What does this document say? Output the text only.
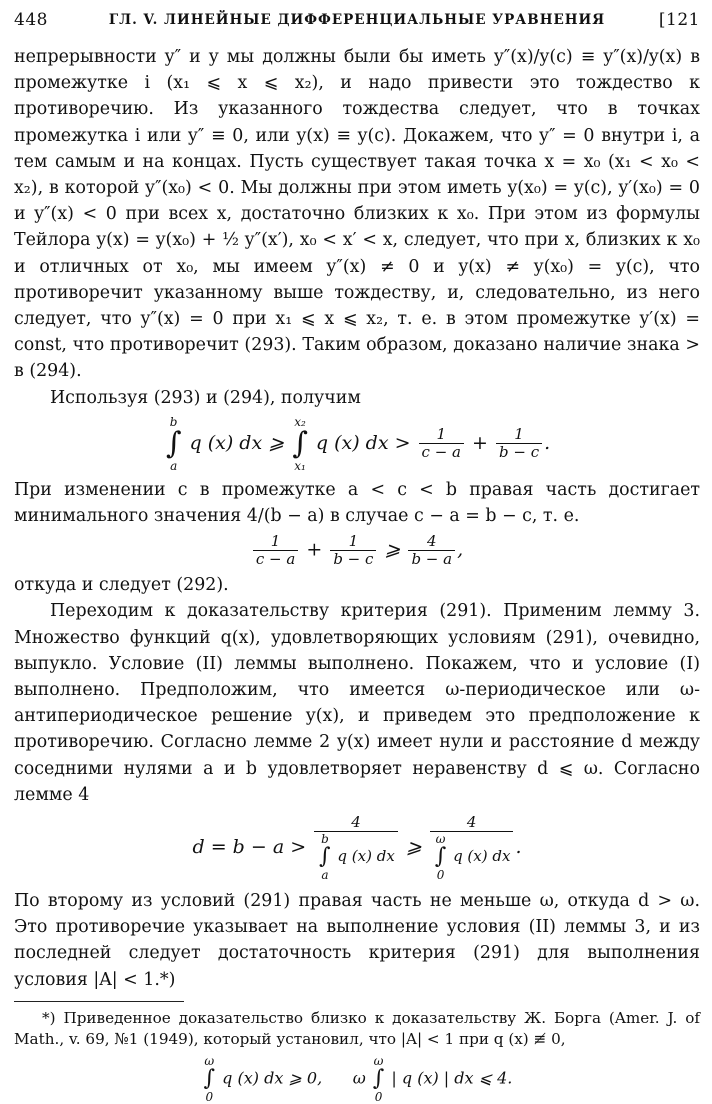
448	ГЛ. V. ЛИНЕЙНЫЕ ДИФФЕРЕНЦИАЛЬНЫЕ УРАВНЕНИЯ	[121

непрерывности y″ и y мы должны были бы иметь y″(x)/y(c) ≡ y″(x)/y(x) в промежутке i (x₁ ⩽ x ⩽ x₂), и надо привести это тождество к противоречию. Из указанного тождества следует, что в точках промежутка i или y″ ≡ 0, или y(x) ≡ y(c). Докажем, что y″ = 0 внутри i, а тем самым и на концах. Пусть существует такая точка x = x₀ (x₁ < x₀ < x₂), в которой y″(x₀) < 0. Мы должны при этом иметь y(x₀) = y(c), y′(x₀) = 0 и y″(x) < 0 при всех x, достаточно близких к x₀. При этом из формулы Тейлора y(x) = y(x₀) + ½ y″(x′), x₀ < x′ < x, следует, что при x, близких к x₀ и отличных от x₀, мы имеем y″(x) ≠ 0 и y(x) ≠ y(x₀) = y(c), что противоречит указанному выше тождеству, и, следовательно, из него следует, что y″(x) = 0 при x₁ ⩽ x ⩽ x₂, т. е. в этом промежутке y′(x) = const, что противоречит (293). Таким образом, доказано наличие знака > в (294).

Используя (293) и (294), получим

b
∫
a
q (x) dx ⩾
x₂
∫
x₁
q (x) dx > $\frac{1}{c - a} + \frac{1}{b - c}$ .

При изменении c в промежутке a < c < b правая часть достигает минимального значения 4/(b − a) в случае c − a = b − c, т. е.

$\frac{1}{c - a} + \frac{1}{b - c}$ ⩾ $\frac{4}{b - a}$ ,

откуда и следует (292).

Переходим к доказательству критерия (291). Применим лемму 3. Множество функций q(x), удовлетворяющих условиям (291), очевидно, выпукло. Условие (II) леммы выполнено. Покажем, что и условие (I) выполнено. Предположим, что имеется ω-периодическое или ω-антипериодическое решение y(x), и приведем это предположение к противоречию. Согласно лемме 2 y(x) имеет нули и расстояние d между соседними нулями a и b удовлетворяет неравенству d ⩽ ω. Согласно лемме 4

d = b − a > 4
b
∫
a
q (x) dx ⩾ 4
ω
∫
0
q (x) dx .

По второму из условий (291) правая часть не меньше ω, откуда d > ω. Это противоречие указывает на выполнение условия (II) леммы 3, и из последней следует достаточность критерия (291) для выполнения условия |A| < 1.*)

*) Приведенное доказательство близко к доказательству Ж. Борга (Amer. J. of Math., v. 69, №1 (1949), который установил, что |A| < 1 при q (x) ≢ 0,

ω
∫
0
q (x) dx ⩾ 0, ω
ω
∫
0
| q (x) | dx ⩽ 4.
